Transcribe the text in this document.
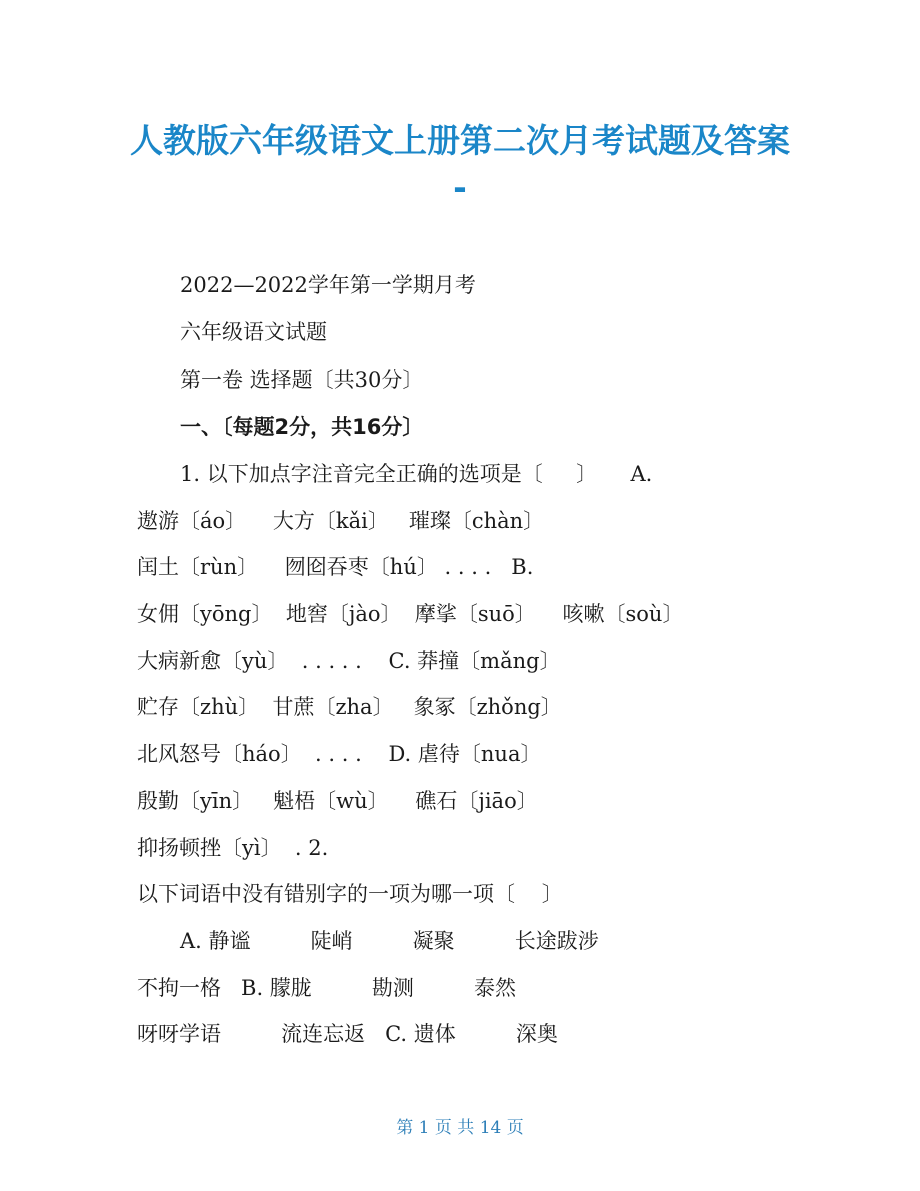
人教版六年级语文上册第二次月考试题及答案
-
2022—2022学年第一学期月考
六年级语文试题
第一卷 选择题〔共30分〕
一、〔每题2分，共16分〕
1. 以下加点字注音完全正确的选项是〔     〕     A.
遨游〔áo〕    大方〔kǎi〕   璀璨〔chàn〕
闰土〔rùn〕    囫囵吞枣〔hú〕 . . . .   B.
女佣〔yōng〕  地窖〔jào〕  摩挲〔suō〕    咳嗽〔soù〕
大病新愈〔yù〕  . . . . .    C. 莽撞〔mǎng〕
贮存〔zhù〕  甘蔗〔zha〕   象冢〔zhǒng〕
北风怒号〔háo〕  . . . .    D. 虐待〔nua〕
殷勤〔yīn〕   魁梧〔wù〕    礁石〔jiāo〕
抑扬顿挫〔yì〕  . 2.
以下词语中没有错别字的一项为哪一项〔    〕
A. 静谧         陡峭         凝聚         长途跋涉
不拘一格   B. 朦胧         勘测         泰然
呀呀学语         流连忘返   C. 遗体         深奥
第 1 页 共 14 页
